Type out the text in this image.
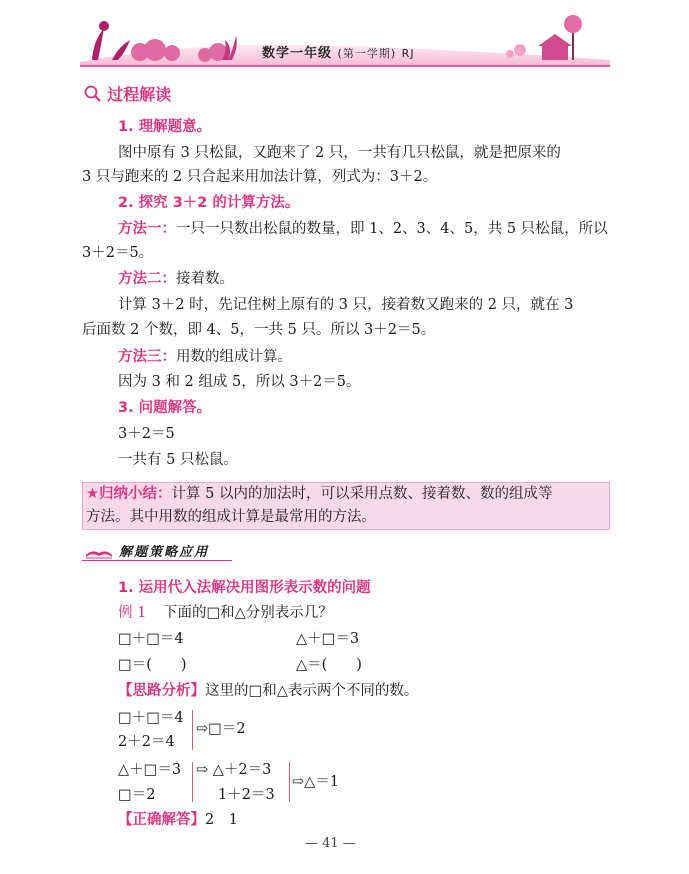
数学一年级 (第一学期) RJ
过程解读
1. 理解题意。
图中原有 3 只松鼠，又跑来了 2 只，一共有几只松鼠，就是把原来的
3 只与跑来的 2 只合起来用加法计算，列式为：3＋2。
2. 探究 3＋2 的计算方法。
方法一：一只一只数出松鼠的数量，即 1、2、3、4、5，共 5 只松鼠，所以
3＋2＝5。
方法二：接着数。
计算 3＋2 时，先记住树上原有的 3 只，接着数又跑来的 2 只，就在 3
后面数 2 个数，即 4、5，一共 5 只。所以 3＋2＝5。
方法三：用数的组成计算。
因为 3 和 2 组成 5，所以 3＋2＝5。
3. 问题解答。
3＋2＝5
一共有 5 只松鼠。
★归纳小结：计算 5 以内的加法时，可以采用点数、接着数、数的组成等
方法。其中用数的组成计算是最常用的方法。
解题策略应用
1. 运用代入法解决用图形表示数的问题
例 1 下面的□和△分别表示几？
□＋□＝4	△＋□＝3
□＝(　　)	△＝(　　)
【思路分析】这里的□和△表示两个不同的数。
□＋□＝4
2＋2＝4
⇨□＝2
△＋□＝3
□＝2
⇨ △＋2＝3
1＋2＝3
⇨△＝1
【正确解答】2　1
— 41 —
